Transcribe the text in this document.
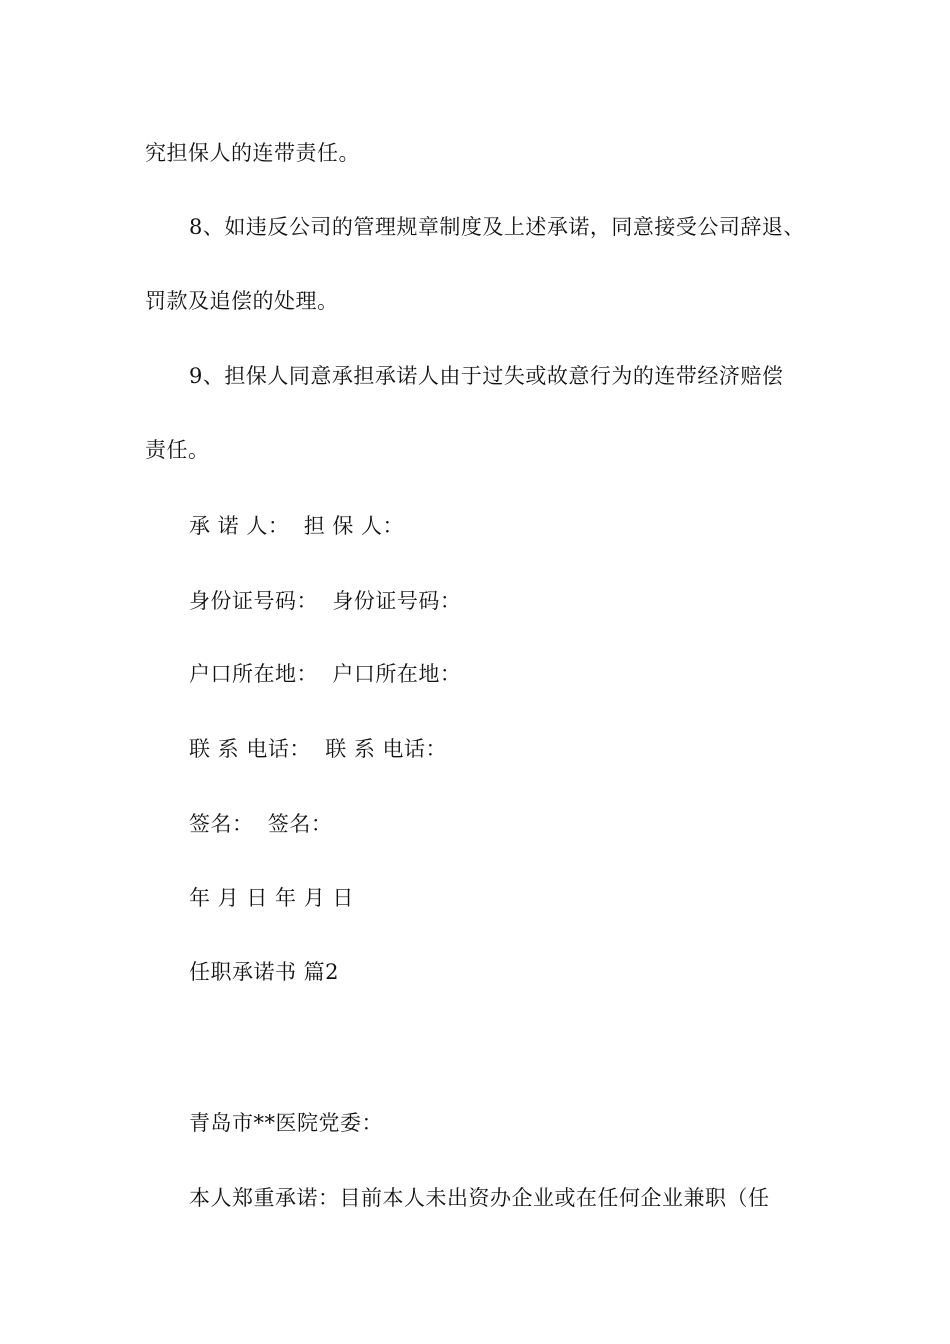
究担保人的连带责任。
8、如违反公司的管理规章制度及上述承诺，同意接受公司辞退、
罚款及追偿的处理。
9、担保人同意承担承诺人由于过失或故意行为的连带经济赔偿
责任。
承 诺 人：  担 保 人：
身份证号码：  身份证号码：
户口所在地：  户口所在地：
联 系 电话：  联 系 电话：
签名：  签名：
年 月 日 年 月 日
任职承诺书 篇2
青岛市**医院党委：
本人郑重承诺：目前本人未出资办企业或在任何企业兼职（任
